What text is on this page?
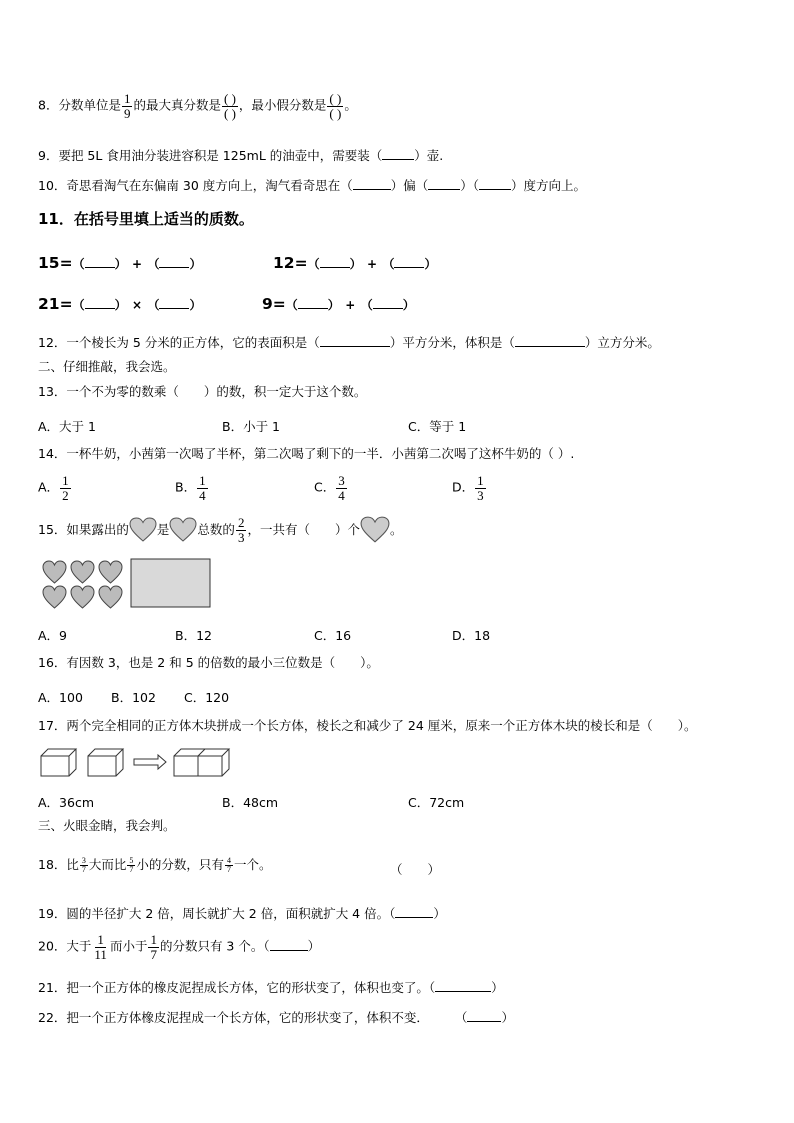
8．分数单位是 $\frac{1}{9}$ 的最大真分数是 $\frac{( )}{( )}$ ，最小假分数是 $\frac{( )}{( )}$ 。
9．要把 5L 食用油分装进容积是 125mL 的油壶中，需要装（	）壶.
10．奇思看淘气在东偏南 30 度方向上，淘气看奇思在（	）偏（	）（	）度方向上。
11．在括号里填上适当的质数。
15=（	） + （	）	12=（	） + （	）
21=（	） × （	）	9=（	） + （	）
12．一个棱长为 5 分米的正方体，它的表面积是（	）平方分米，体积是（	）立方分米。
二、仔细推敲，我会选。
13．一个不为零的数乘（　　）的数，积一定大于这个数。
A．大于 1	B．小于 1	C．等于 1
14．一杯牛奶，小茜第一次喝了半杯，第二次喝了剩下的一半．小茜第二次喝了这杯牛奶的（ ）.
A． $\frac{1}{2}$	B． $\frac{1}{4}$	C． $\frac{3}{4}$	D． $\frac{1}{3}$
15．如果露出的 是 总数的 $\frac{2}{3}$ ，一共有（　　）个 。
A．9	B．12	C．16	D．18
16．有因数 3，也是 2 和 5 的倍数的最小三位数是（　　）。
A．100 B．102 C．120
17．两个完全相同的正方体木块拼成一个长方体，棱长之和减少了 24 厘米，原来一个正方体木块的棱长和是（　　）。
A．36cm	B．48cm	C．72cm
三、火眼金睛，我会判。
18．比 $\frac{3}{7}$ 大而比 $\frac{5}{7}$ 小的分数，只有 $\frac{4}{7}$ 一个。	（　　）
19．圆的半径扩大 2 倍，周长就扩大 2 倍，面积就扩大 4 倍。（	）
20．大于 $\frac{1}{11}$ 而小于 $\frac{1}{7}$ 的分数只有 3 个。（	）
21．把一个正方体的橡皮泥捏成长方体，它的形状变了，体积也变了。（	）
22．把一个正方体橡皮泥捏成一个长方体，它的形状变了，体积不变． （	）
